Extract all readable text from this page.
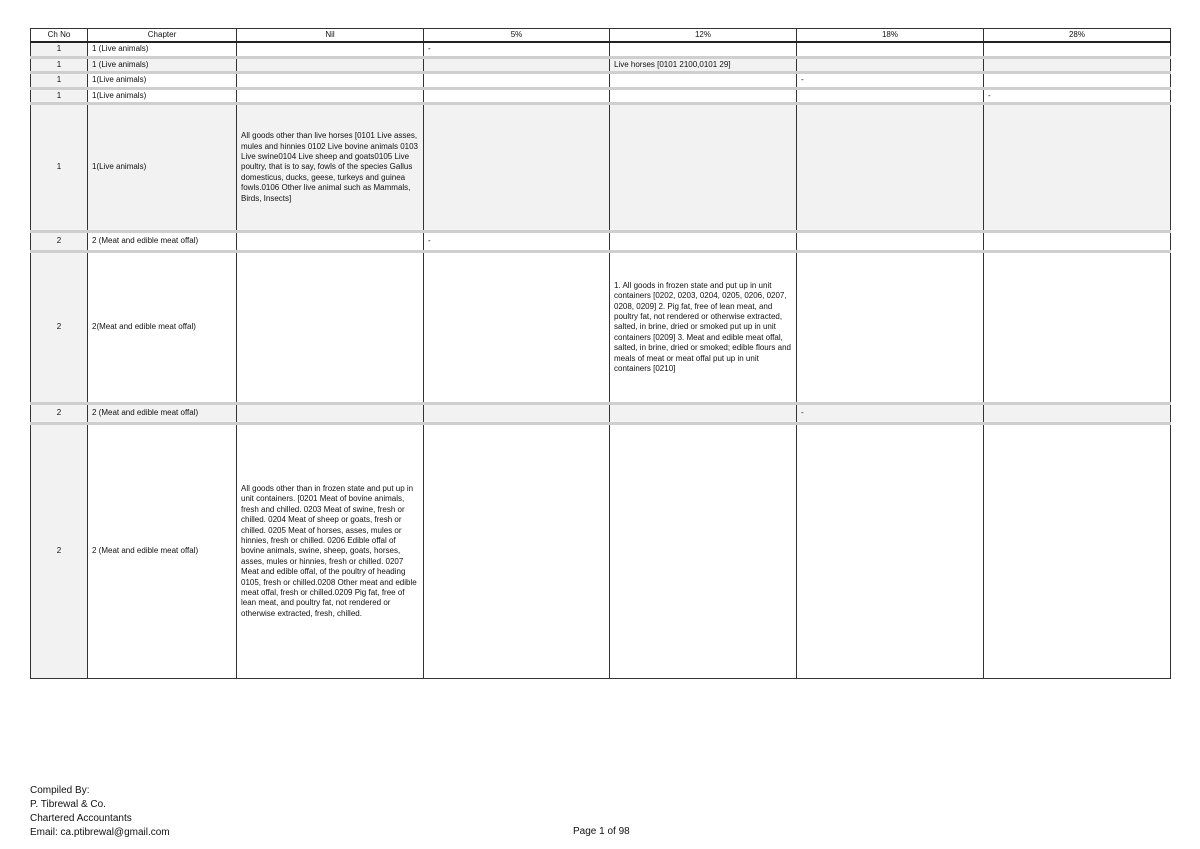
Ch No	Chapter	Nil	5%	12%	18%	28%
1	1 (Live animals)		-			
1	1 (Live animals)			Live horses [0101 2100,0101 29]		
1	1(Live animals)				-	
1	1(Live animals)					-
1	1(Live animals)	All goods other than live horses [0101 Live asses, mules and hinnies 0102 Live bovine animals 0103 Live swine0104 Live sheep and goats0105 Live poultry, that is to say, fowls of the species Gallus domesticus, ducks, geese, turkeys and guinea fowls.0106 Other live animal such as Mammals, Birds, Insects]				
2	2 (Meat and edible meat offal)		-			
2	2(Meat and edible meat offal)			1. All goods in frozen state and put up in unit containers [0202, 0203, 0204, 0205, 0206, 0207, 0208, 0209] 2. Pig fat, free of lean meat, and poultry fat, not rendered or otherwise extracted, salted, in brine, dried or smoked put up in unit containers [0209] 3. Meat and edible meat offal, salted, in brine, dried or smoked; edible flours and meals of meat or meat offal put up in unit containers [0210]		
2	2 (Meat and edible meat offal)				-	
2	2 (Meat and edible meat offal)	All goods other than in frozen state and put up in unit containers. [0201 Meat of bovine animals, fresh and chilled. 0203 Meat of swine, fresh or chilled. 0204 Meat of sheep or goats, fresh or chilled. 0205 Meat of horses, asses, mules or hinnies, fresh or chilled. 0206 Edible offal of bovine animals, swine, sheep, goats, horses, asses, mules or hinnies, fresh or chilled. 0207 Meat and edible offal, of the poultry of heading 0105, fresh or chilled.0208 Other meat and edible meat offal, fresh or chilled.0209 Pig fat, free of lean meat, and poultry fat, not rendered or otherwise extracted, fresh, chilled.				
Compiled By:
P. Tibrewal & Co.
Chartered Accountants
Email: ca.ptibrewal@gmail.com	Page 1 of 98
